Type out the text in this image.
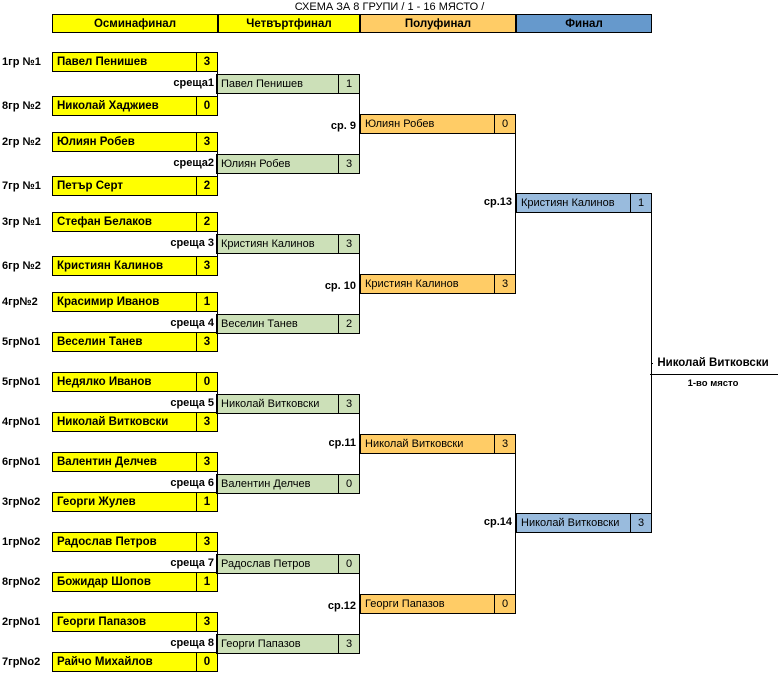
СХЕМА ЗА 8 ГРУПИ / 1 - 16 МЯСТО /
Осминафинал	Четвъртфинал	Полуфинал	Финал
1гр №1	Павел Пенишев	3
среща1
8гр №2	Николай Хаджиев	0
2гр №2	Юлиян Робев	3
среща2
7гр №1	Петър Серт	2
3гр №1	Стефан Белаков	2
среща 3
6гр №2	Кристиян Калинов	3
4гр№2	Красимир Иванов	1
среща 4
5грNo1	Веселин Танев	3
5грNo1	Недялко Иванов	0
среща 5
4грNo1	Николай Витковски	3
6грNo1	Валентин Делчев	3
среща 6
3грNo2	Георги Жулев	1
1грNo2	Радослав Петров	3
среща 7
8грNo2	Божидар Шопов	1
2грNo1	Георги Папазов	3
среща 8
7грNo2	Райчо Михайлов	0
Павел Пенишев	1
ср. 9
Юлиян Робев	3
Кристиян Калинов	3
ср. 10
Веселин Танев	2
Николай Витковски	3
ср.11
Валентин Делчев	0
Радослав Петров	0
ср.12
Георги Папазов	3
Юлиян Робев	0
ср.13
Кристиян Калинов	3
Николай Витковски	3
ср.14
Георги Папазов	0
Кристиян Калинов	1
Николай Витковски	3
Николай Витковски
1-во място
